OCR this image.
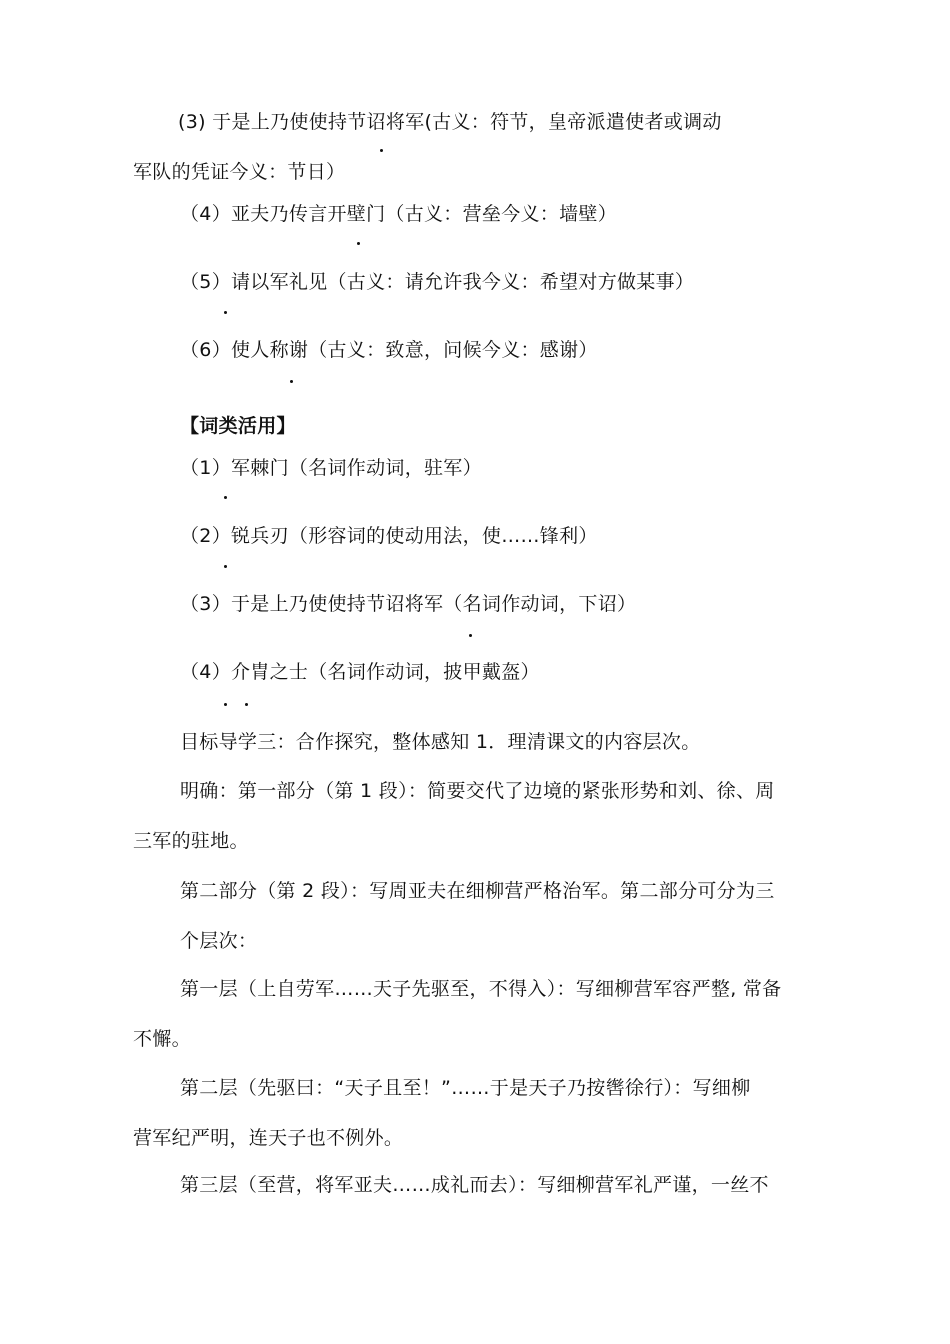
(3) 于是上乃使使持节诏将军(古义：符节，皇帝派遣使者或调动
军队的凭证今义：节日）
（4）亚夫乃传言开壁门（古义：营垒今义：墙壁）
（5）请以军礼见（古义：请允许我今义：希望对方做某事）
（6）使人称谢（古义：致意，问候今义：感谢）
【词类活用】
（1）军棘门（名词作动词，驻军）
（2）锐兵刃（形容词的使动用法，使……锋利）
（3）于是上乃使使持节诏将军（名词作动词，下诏）
（4）介胄之士（名词作动词，披甲戴盔）
目标导学三：合作探究，整体感知 1．理清课文的内容层次。
明确：第一部分（第 1 段）：简要交代了边境的紧张形势和刘、徐、周
三军的驻地。
第二部分（第 2 段）：写周亚夫在细柳营严格治军。第二部分可分为三
个层次：
第一层（上自劳军……天子先驱至，不得入）：写细柳营军容严整, 常备
不懈。
第二层（先驱曰：“天子且至！”……于是天子乃按辔徐行）：写细柳
营军纪严明，连天子也不例外。
第三层（至营，将军亚夫……成礼而去）：写细柳营军礼严谨，一丝不
